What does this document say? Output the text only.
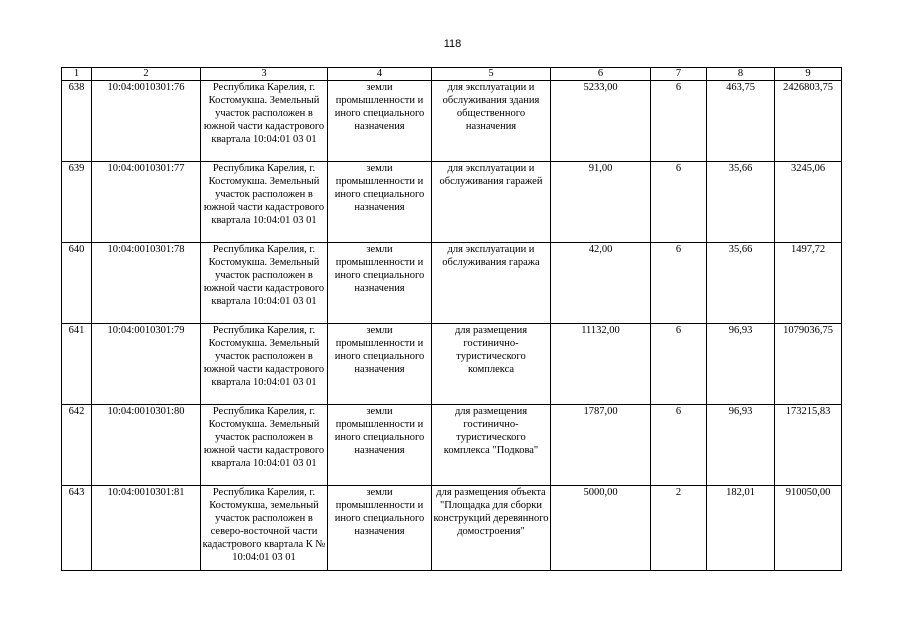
118
1	2	3	4	5	6	7	8	9
638	10:04:0010301:76	Республика Карелия, г. Костомукша. Земельный участок расположен в южной части кадастрового квартала 10:04:01 03 01	земли промышленности и иного специального назначения	для эксплуатации и обслуживания здания общественного назначения	5233,00	6	463,75	2426803,75
639	10:04:0010301:77	Республика Карелия, г. Костомукша. Земельный участок расположен в южной части кадастрового квартала 10:04:01 03 01	земли промышленности и иного специального назначения	для эксплуатации и обслуживания гаражей	91,00	6	35,66	3245,06
640	10:04:0010301:78	Республика Карелия, г. Костомукша. Земельный участок расположен в южной части кадастрового квартала 10:04:01 03 01	земли промышленности и иного специального назначения	для эксплуатации и обслуживания гаража	42,00	6	35,66	1497,72
641	10:04:0010301:79	Республика Карелия, г. Костомукша. Земельный участок расположен в южной части кадастрового квартала 10:04:01 03 01	земли промышленности и иного специального назначения	для размещения гостинично-туристического комплекса	11132,00	6	96,93	1079036,75
642	10:04:0010301:80	Республика Карелия, г. Костомукша. Земельный участок расположен в южной части кадастрового квартала 10:04:01 03 01	земли промышленности и иного специального назначения	для размещения гостинично-туристического комплекса "Подкова"	1787,00	6	96,93	173215,83
643	10:04:0010301:81	Республика Карелия, г. Костомукша, земельный участок расположен в северо-восточной части кадастрового квартала К № 10:04:01 03 01	земли промышленности и иного специального назначения	для размещения объекта "Площадка для сборки конструкций деревянного домостроения"	5000,00	2	182,01	910050,00
